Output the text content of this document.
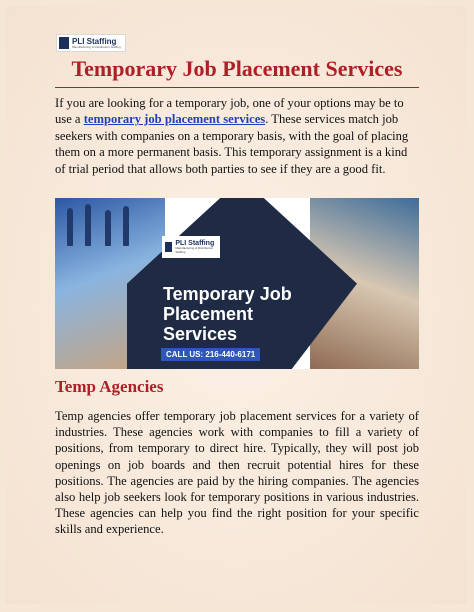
PLI Staffing
Manufacturing & Distribution Staffing
Temporary Job Placement Services

If you are looking for a temporary job, one of your options may be to use a temporary job placement services. These services match job seekers with companies on a temporary basis, with the goal of placing them on a more permanent basis. This temporary assignment is a kind of trial period that allows both parties to see if they are a good fit.

PLI Staffing
Manufacturing & Distribution Staffing

Temporary Job Placement Services

CALL US: 216-440-6171
Temp Agencies

Temp agencies offer temporary job placement services for a variety of industries. These agencies work with companies to fill a variety of positions, from temporary to direct hire. Typically, they will post job openings on job boards and then recruit potential hires for these positions. The agencies are paid by the hiring companies. The agencies also help job seekers look for temporary positions in various industries. These agencies can help you find the right position for your specific skills and experience.
